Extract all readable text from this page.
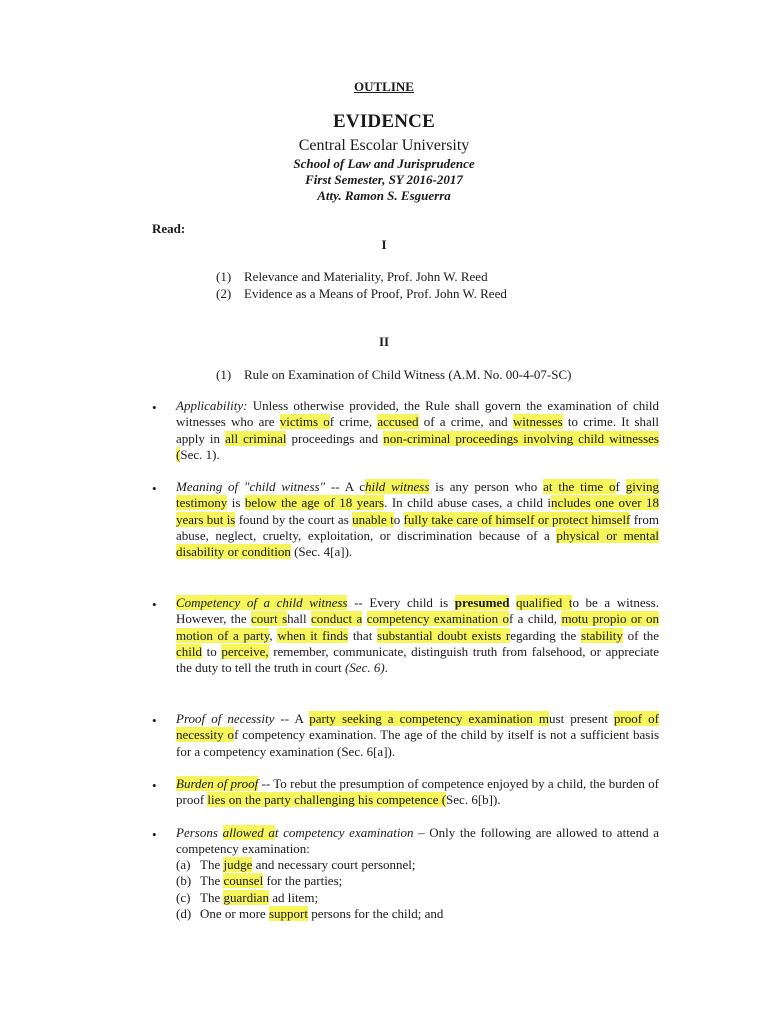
OUTLINE
EVIDENCE
Central Escolar University
School of Law and Jurisprudence
First Semester, SY 2016-2017
Atty. Ramon S. Esguerra
Read:
I
(1) Relevance and Materiality, Prof. John W. Reed
(2) Evidence as a Means of Proof, Prof. John W. Reed
II
(1) Rule on Examination of Child Witness (A.M. No. 00-4-07-SC)
• Applicability: Unless otherwise provided, the Rule shall govern the examination of child witnesses who are victims of crime, accused of a crime, and witnesses to crime. It shall apply in all criminal proceedings and non-criminal proceedings involving child witnesses (Sec. 1).
• Meaning of "child witness" -- A child witness is any person who at the time of giving testimony is below the age of 18 years. In child abuse cases, a child includes one over 18 years but is found by the court as unable to fully take care of himself or protect himself from abuse, neglect, cruelty, exploitation, or discrimination because of a physical or mental disability or condition (Sec. 4[a]).
• Competency of a child witness -- Every child is presumed qualified to be a witness. However, the court shall conduct a competency examination of a child, motu propio or on motion of a party, when it finds that substantial doubt exists regarding the stability of the child to perceive, remember, communicate, distinguish truth from falsehood, or appreciate the duty to tell the truth in court (Sec. 6).
• Proof of necessity -- A party seeking a competency examination must present proof of necessity of competency examination. The age of the child by itself is not a sufficient basis for a competency examination (Sec. 6[a]).
• Burden of proof -- To rebut the presumption of competence enjoyed by a child, the burden of proof lies on the party challenging his competence (Sec. 6[b]).
• Persons allowed at competency examination – Only the following are allowed to attend a competency examination:
(a) The judge and necessary court personnel;
(b) The counsel for the parties;
(c) The guardian ad litem;
(d) One or more support persons for the child; and
